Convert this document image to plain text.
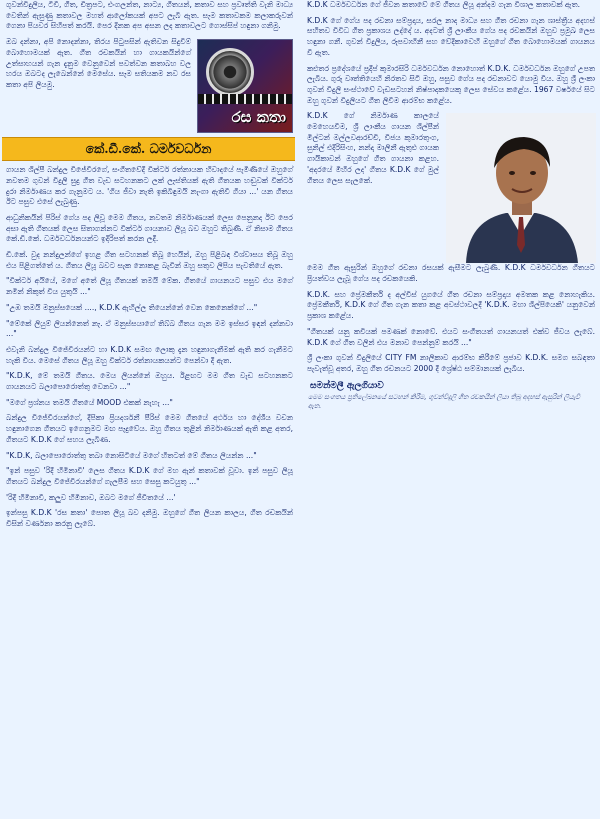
ගුවන්විදුලිය, ටීවී, ගීත, චිත්‍රපට, එංගලන්ත, නාට්‍ය, ගීතයන්, කතාව සහ ප්‍රවෘත්ති වැනි මාධ්‍ය වෙතින් ඇසුණු කතාවල මහත් ආලෝකයක් අපට ලැබී ඇත. සෑම කතාවකම කලාකරුවන් ගෙනා පියවර සිහිපත් කරයි. පෙර දිනක අප අසන ලද කතාවලට ගොස්සිප් හඳුනා ගනිමු.

ඔබ දන්නා, අපි නොදන්නා, තිරය පිටුපසින් ඇතිවන සිදුවීම් බොහොමයක් ඇත. ගීත රචකයින් හා ගායකයින්ගේ උත්සාහයන් ගැන දැනුම වෙනුවෙන් පවත්වන කතාබහ වල හරය ඔබටද ලැබෙන්නේ මෙසේය. සෑම සතියකම නව රස කතා අපි ලියමු.

රස කතා
කේ.ඩී.කේ. ධර්මවර්ධන

ගායන ශිල්පී බන්දුල විජේවීරගේ, සංගීතවේදී වික්ටර් රත්නායක හිවාදයේ පැමිණියේ ඔහුගේ නවතම ගුවන් විදුලි සුදු ගීත වැඩ සටහනකට ලක් ලෑස්තියක් ඇති ගීතයක හඬුවක් වික්ටර් දුරා නිර්මාණය කර ගැනුමට ය. 'ගිය ජීවා නැති ඉකිබිඳුමයි නැංගා ඇතිවී ගියා ...' යන ගීතය ඊට පසුව එසේ ලැබුණු.

ආධුනිකයින් පිරිස් ගේය පද ලිවූ මෙම ගීතය, නවතම නිර්මාණයක් ලෙස පෙනුනද ඊට පෙර අසා ඇති ගීතයක් ලෙස සිතාගන්නට වික්ටර් ගායනාව ලියූ බව ඔහුට තිබුණි. ඒ නිසාම ගීතය කේ.ඩී.කේ. ධර්මවර්ධනයන්ට ඉදිරිපත් කරන ලදී.

ඩී.කේ. වුද නන්දුලන්ගේ ඉහළ ගීත සටහනක් තිබූ හෙයින්, ඔහු පිළිබඳ විශ්වාසය තිබූ ඔහු එය පිළිගත්තේ ය. ගීතය ලියූ බවට සැක නොකළ බැවින් ඔහු සතුව ලිපිය පැවතියේ ඇත.

"වික්ටර් අයියේ, මගේ අතේ ලියූ ගීතයක් තමයි මේක. ගීතයේ ගායනයට පසුව එය මගේ නමින් නිකුත් විය යුතුයි ..."

"උඹ තමයි මනුස්සයෙක් ...., K.D.K ඇහිල්ල තියෙන්නේ වෙන කෙනෙක්ගේ ..."

"මේකේ ලියුම් ලියන්නෙත් නෑ. ඒ මනුස්සයාගේ තිබ්බ ගීතය ගැන මම ඉස්සර ඉඳන් දන්නවා ..."

එවැනි බන්දුල විජේවීරයන්ට හා K.D.K සමඟ ලොකු දැන හඳුනාගැනීමක් ඇති කර ගැනීමට හැකි විය. මෙසේ ගීතය ලියූ ඔහු වික්ටර් රත්නායකයන්ට පෙන්වා දී ඇත.

"K.D.K, මේ තමයි ගීතය. මෙය ලියන්නේ ඔහුය. ඊළඟට මම ගීත වැඩ සටහනකට ගායනයට බලාපොරොත්තු වෙනවා ..."

"මගේ ප්‍රශ්නය තමයි ගීතයේ MOOD එකක් නැහැ ..."

බන්දුල විජේවීරයන්ගේ, දීපිකා ප්‍රියදර්ශනී පීරිස් මෙම ගීතයේ අර්ථය හා දේශීය වචන හඳුනාගෙන ගීතයට ඉගෙනුමට මඟ පෑදුවේය. ඔහු ගීතය තුළින් නිර්මාණයක් ඇති කළ අතර, ගීතයට K.D.K ගේ සහය ලැබිණ.

"K.D.K, බලාපොරොත්තු තබා නොසිටියේ මගේ හිතටත් මේ ගීතය ලියන්න ..."

"ඉන් පසුව 'රිදී හිමිනාවී' ලෙස ගීතය K.D.K ගේ මහ ඇන් කතාවක් වූවා. ඉන් පසුව ලියූ ගීතයට බන්දුල විජේවීරයන්ගේ ගැලපීම සහ සෙසු කටයුතු ..."

'රිදී හිමිනාවී, කලුව හිමිනාව, ඔබට මගේ ජීවිතයේ ...'

ඉන්පසු K.D.K 'රස කතා' පොත ලියූ බව දනිමු. ඔහුගේ ගීත ලියන කාලය, ගීත රචකයින් විසින් වර්ණනා කරනු ලැබේ.

K.D.K ධර්මවර්ධන ගේ ජීවන කතාවේ මේ ගීතය ලියූ අන්දම ගැන විශාල කතාවක් ඇත.

K.D.K ගේ ගේය පද රචනා සම්ප්‍රදාය, සරල නාද මාධ්‍ය සහ ගීත රචනා ගැන ශාස්ත්‍රීය අදහස් සහිතව විවිධ ගීත ප්‍රකාශය ලද්දේ ය. අදටත් ශ්‍රී ලාංකීය ගේය පද රචකයින් ඔහුව ප්‍රමුඛ ලෙස හඳුනා ගනී. ගුවන් විදුලිය, රූපවාහිනී සහ වේදිකාවෙහි ඔහුගේ ගීත බොහොමයක් ගායනය වී ඇත.

කළුතර ප්‍රදේශයේ ප්‍රදීප් කුමාරසිරි ධර්මවර්ධන නොහොත් K.D.K. ධර්මවර්ධන ඔහුගේ උපත ලැබීය. ගුරු වෘත්තියෙහි නිරතව සිටි ඔහු, පසුව ගේය පද රචනාවට යොමු විය. ඔහු ශ්‍රී ලංකා ගුවන් විදුලි සංස්ථාවේ වැඩසටහන් නිෂ්පාදකයෙකු ලෙස සේවය කළේය. 1967 වර්ෂයේ සිට ඔහු ගුවන් විදුලියට ගීත ලිවීම ආරම්භ කළේය.

K.D.K ගේ නිර්මාණ කාලයේ මෙහෙයවීම, ශ්‍රී ලාංකීය ගායන ශිල්පීන් මිල්ටන් මල්ලවආරච්චි, විජය කුමාරතුංග, සුනිල් එදිරිසිංහ, නන්දා මාලිනී ඇතුළු ගායක ගායිකාවන් ඔහුගේ ගීත ගායනා කළහ. 'අදරයේ මිහිර ලද' ගීතය K.D.K ගේ මුල් ගීතය ලෙස සැලකේ.

මෙම ගීත ඇසුරින් ඔහුගේ රචනා රසයක් ඇසීමට ලැබුණි. K.D.K ධර්මවර්ධන ගීතයට ප්‍රියත්වය ලැබූ ගේය පද රචකයෙකි.

K.D.K. සහ ප්‍රේමකීර්ති ද අල්විස් යුගයේ ගීත රචනා සම්ප්‍රදාය අමතක කළ නොහැකිය. ප්‍රේමකීර්ති, K.D.K ගේ ගීත ගැන කතා කළ අවස්ථාවලදී 'K.D.K. මහා ශිල්පියෙකි' යනුවෙන් ප්‍රකාශ කළේය.

"ගීතයක් යනු කවියක් පමණක් නොවේ. එයට සංගීතයත් ගායනයත් එක්ව ජීවය ලැබේ. K.D.K ගේ ගීත වලින් එය මනාව පෙන්නුම් කරයි ..."

ශ්‍රී ලංකා ගුවන් විදුලියේ CITY FM නාලිකාව ආරම්භ කිරීමේ ප්‍රජාව K.D.K. සමග සබඳතා පැවැත්වූ අතර, ඔහු ගීත රචනයට 2000 දී ශ්‍රේෂ්ඨ සම්මානයක් ලැබීය.

සමන්මලී ඇලගියාව
මෙම සංගතය ප්‍රතිලේඛනයේ සටහන් කිරීම, ගුවන්විදුලි ගීත රචකයින් ලියා තිබූ අදහස් ඇසුරින් ලියැවී ඇත.
